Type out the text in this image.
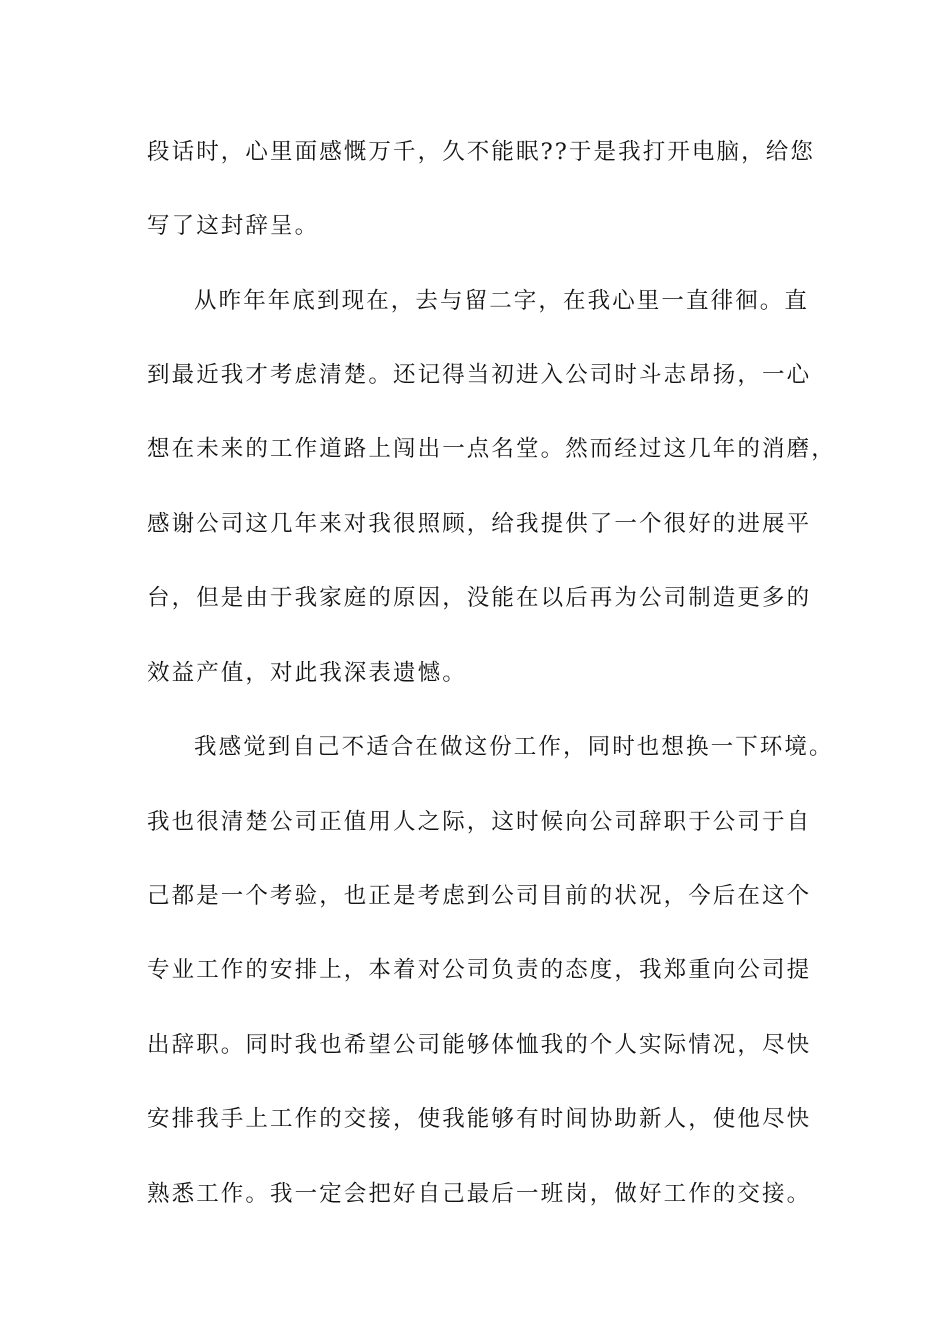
段话时，心里面感慨万千，久不能眠??于是我打开电脑，给您
写了这封辞呈。
从昨年年底到现在，去与留二字，在我心里一直徘徊。直
到最近我才考虑清楚。还记得当初进入公司时斗志昂扬，一心
想在未来的工作道路上闯出一点名堂。然而经过这几年的消磨，
感谢公司这几年来对我很照顾，给我提供了一个很好的进展平
台，但是由于我家庭的原因，没能在以后再为公司制造更多的
效益产值，对此我深表遗憾。
我感觉到自己不适合在做这份工作，同时也想换一下环境。
我也很清楚公司正值用人之际，这时候向公司辞职于公司于自
己都是一个考验，也正是考虑到公司目前的状况，今后在这个
专业工作的安排上，本着对公司负责的态度，我郑重向公司提
出辞职。同时我也希望公司能够体恤我的个人实际情况，尽快
安排我手上工作的交接，使我能够有时间协助新人，使他尽快
熟悉工作。我一定会把好自己最后一班岗，做好工作的交接。
